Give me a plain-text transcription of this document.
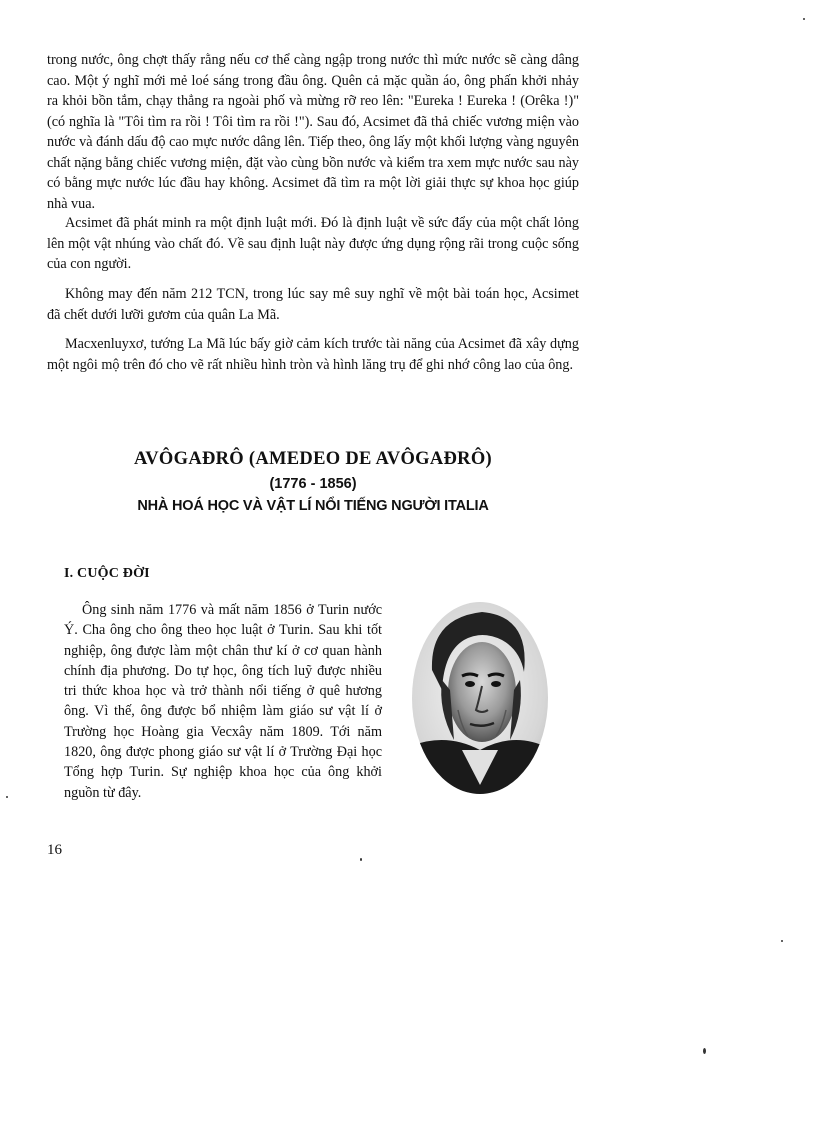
trong nước, ông chợt thấy rằng nếu cơ thể càng ngập trong nước thì mức nước sẽ càng dâng cao. Một ý nghĩ mới mẻ loé sáng trong đầu ông. Quên cả mặc quần áo, ông phấn khởi nhảy ra khỏi bồn tắm, chạy thẳng ra ngoài phố và mừng rỡ reo lên: "Eureka ! Eureka ! (Orêka !)" (có nghĩa là "Tôi tìm ra rồi ! Tôi tìm ra rồi !"). Sau đó, Acsimet đã thả chiếc vương miện vào nước và đánh dấu độ cao mực nước dâng lên. Tiếp theo, ông lấy một khối lượng vàng nguyên chất nặng bằng chiếc vương miện, đặt vào cùng bồn nước và kiểm tra xem mực nước sau này có bằng mực nước lúc đầu hay không. Acsimet đã tìm ra một lời giải thực sự khoa học giúp nhà vua.

Acsimet đã phát minh ra một định luật mới. Đó là định luật về sức đẩy của một chất lỏng lên một vật nhúng vào chất đó. Về sau định luật này được ứng dụng rộng rãi trong cuộc sống của con người.

Không may đến năm 212 TCN, trong lúc say mê suy nghĩ về một bài toán học, Acsimet đã chết dưới lưỡi gươm của quân La Mã.

Macxenluyxơ, tướng La Mã lúc bấy giờ cảm kích trước tài năng của Acsimet đã xây dựng một ngôi mộ trên đó cho vẽ rất nhiều hình tròn và hình lăng trụ để ghi nhớ công lao của ông.

AVÔGAĐRÔ (AMEDEO DE AVÔGAĐRÔ)
(1776 - 1856)
NHÀ HOÁ HỌC VÀ VẬT LÍ NỔI TIẾNG NGƯỜI ITALIA
I. CUỘC ĐỜI

Ông sinh năm 1776 và mất năm 1856 ở Turin nước Ý. Cha ông cho ông theo học luật ở Turin. Sau khi tốt nghiệp, ông được làm một chân thư kí ở cơ quan hành chính địa phương. Do tự học, ông tích luỹ được nhiều tri thức khoa học và trở thành nổi tiếng ở quê hương ông. Vì thế, ông được bổ nhiệm làm giáo sư vật lí ở Trường học Hoàng gia Vecxây năm 1809. Tới năm 1820, ông được phong giáo sư vật lí ở Trường Đại học Tổng hợp Turin. Sự nghiệp khoa học của ông khởi nguồn từ đây.

16
